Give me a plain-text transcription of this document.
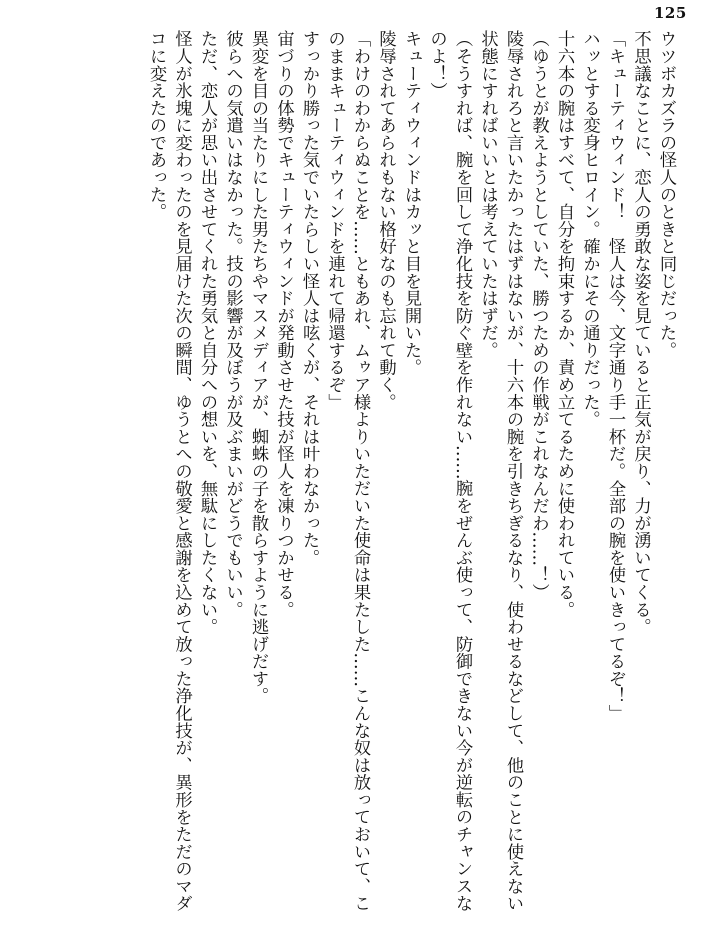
125
ウツボカズラの怪人のときと同じだった。
不思議なことに、恋人の勇敢な姿を見ていると正気が戻り、力が湧いてくる。
「キューティウィンド！　怪人は今、文字通り手一杯だ。全部の腕を使いきってるぞ！」
ハッとする変身ヒロイン。確かにその通りだった。
十六本の腕はすべて、自分を拘束するか、責め立てるために使われている。
（ゆうとが教えようとしていた、勝つための作戦がこれなんだわ……！）
陵辱されろと言いたかったはずはないが、十六本の腕を引きちぎるなり、使わせるなどして、他のことに使えない状態にすればいいとは考えていたはずだ。
（そうすれば、腕を回して浄化技を防ぐ壁を作れない……腕をぜんぶ使って、防御できない今が逆転のチャンスなのよ！）
キューティウィンドはカッと目を見開いた。
陵辱されてあられもない格好なのも忘れて動く。
「わけのわからぬことを……ともあれ、ムゥア様よりいただいた使命は果たした……こんな奴は放っておいて、このままキューティウィンドを連れて帰還するぞ」
すっかり勝った気でいたらしい怪人は呟くが、それは叶わなかった。
宙づりの体勢でキューティウィンドが発動させた技が怪人を凍りつかせる。
異変を目の当たりにした男たちやマスメディアが、蜘蛛の子を散らすように逃げだす。
彼らへの気遣いはなかった。技の影響が及ぼうが及ぶまいがどうでもいい。
ただ、恋人が思い出させてくれた勇気と自分への想いを、無駄にしたくない。
怪人が氷塊に変わったのを見届けた次の瞬間、ゆうとへの敬愛と感謝を込めて放った浄化技が、異形をただのマダコに変えたのであった。
